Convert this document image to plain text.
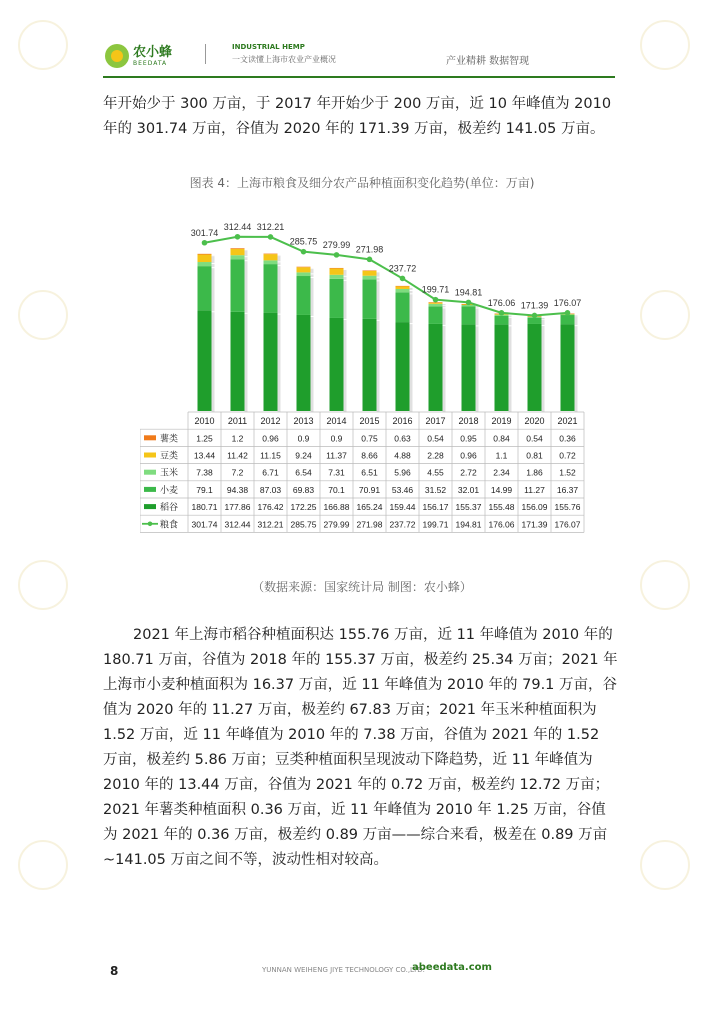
农小蜂
BEEDATA
INDUSTRIAL HEMP
一文读懂上海市农业产业概况	产业精耕 数据智现
年开始少于 300 万亩，于 2017 年开始少于 200 万亩，近 10 年峰值为 2010 年的 301.74 万亩，谷值为 2020 年的 171.39 万亩，极差约 141.05 万亩。
图表 4：上海市粮食及细分农产品种植面积变化趋势(单位：万亩)
301.74
312.44 312.21
285.75 279.99 271.98
237.72
199.71 194.81
176.06 171.39 176.07
2010 2011 2012 2013 2014 2015 2016 2017 2018 2019 2020 2021
薯类 1.25 1.2 0.96 0.9 0.9 0.75 0.63 0.54 0.95 0.84 0.54 0.36
豆类 13.44 11.42 11.15 9.24 11.37 8.66 4.88 2.28 0.96 1.1 0.81 0.72
玉米 7.38 7.2 6.71 6.54 7.31 6.51 5.96 4.55 2.72 2.34 1.86 1.52
小麦 79.1 94.38 87.03 69.83 70.1 70.91 53.46 31.52 32.01 14.99 11.27 16.37
稻谷 180.71 177.86 176.42 172.25 166.88 165.24 159.44 156.17 155.37 155.48 156.09 155.76
粮食 301.74 312.44 312.21 285.75 279.99 271.98 237.72 199.71 194.81 176.06 171.39 176.07
（数据来源：国家统计局 制图：农小蜂）
2021 年上海市稻谷种植面积达 155.76 万亩，近 11 年峰值为 2010 年的 180.71 万亩，谷值为 2018 年的 155.37 万亩，极差约 25.34 万亩；2021 年上海市小麦种植面积为 16.37 万亩，近 11 年峰值为 2010 年的 79.1 万亩，谷值为 2020 年的 11.27 万亩，极差约 67.83 万亩；2021 年玉米种植面积为 1.52 万亩，近 11 年峰值为 2010 年的 7.38 万亩，谷值为 2021 年的 1.52 万亩，极差约 5.86 万亩；豆类种植面积呈现波动下降趋势，近 11 年峰值为 2010 年的 13.44 万亩，谷值为 2021 年的 0.72 万亩，极差约 12.72 万亩；2021 年薯类种植面积 0.36 万亩，近 11 年峰值为 2010 年 1.25 万亩，谷值为 2021 年的 0.36 万亩，极差约 0.89 万亩——综合来看，极差在 0.89 万亩~141.05 万亩之间不等，波动性相对较高。
8	YUNNAN WEIHENG JIYE TECHNOLOGY CO.,LTD.
abeedata.com
